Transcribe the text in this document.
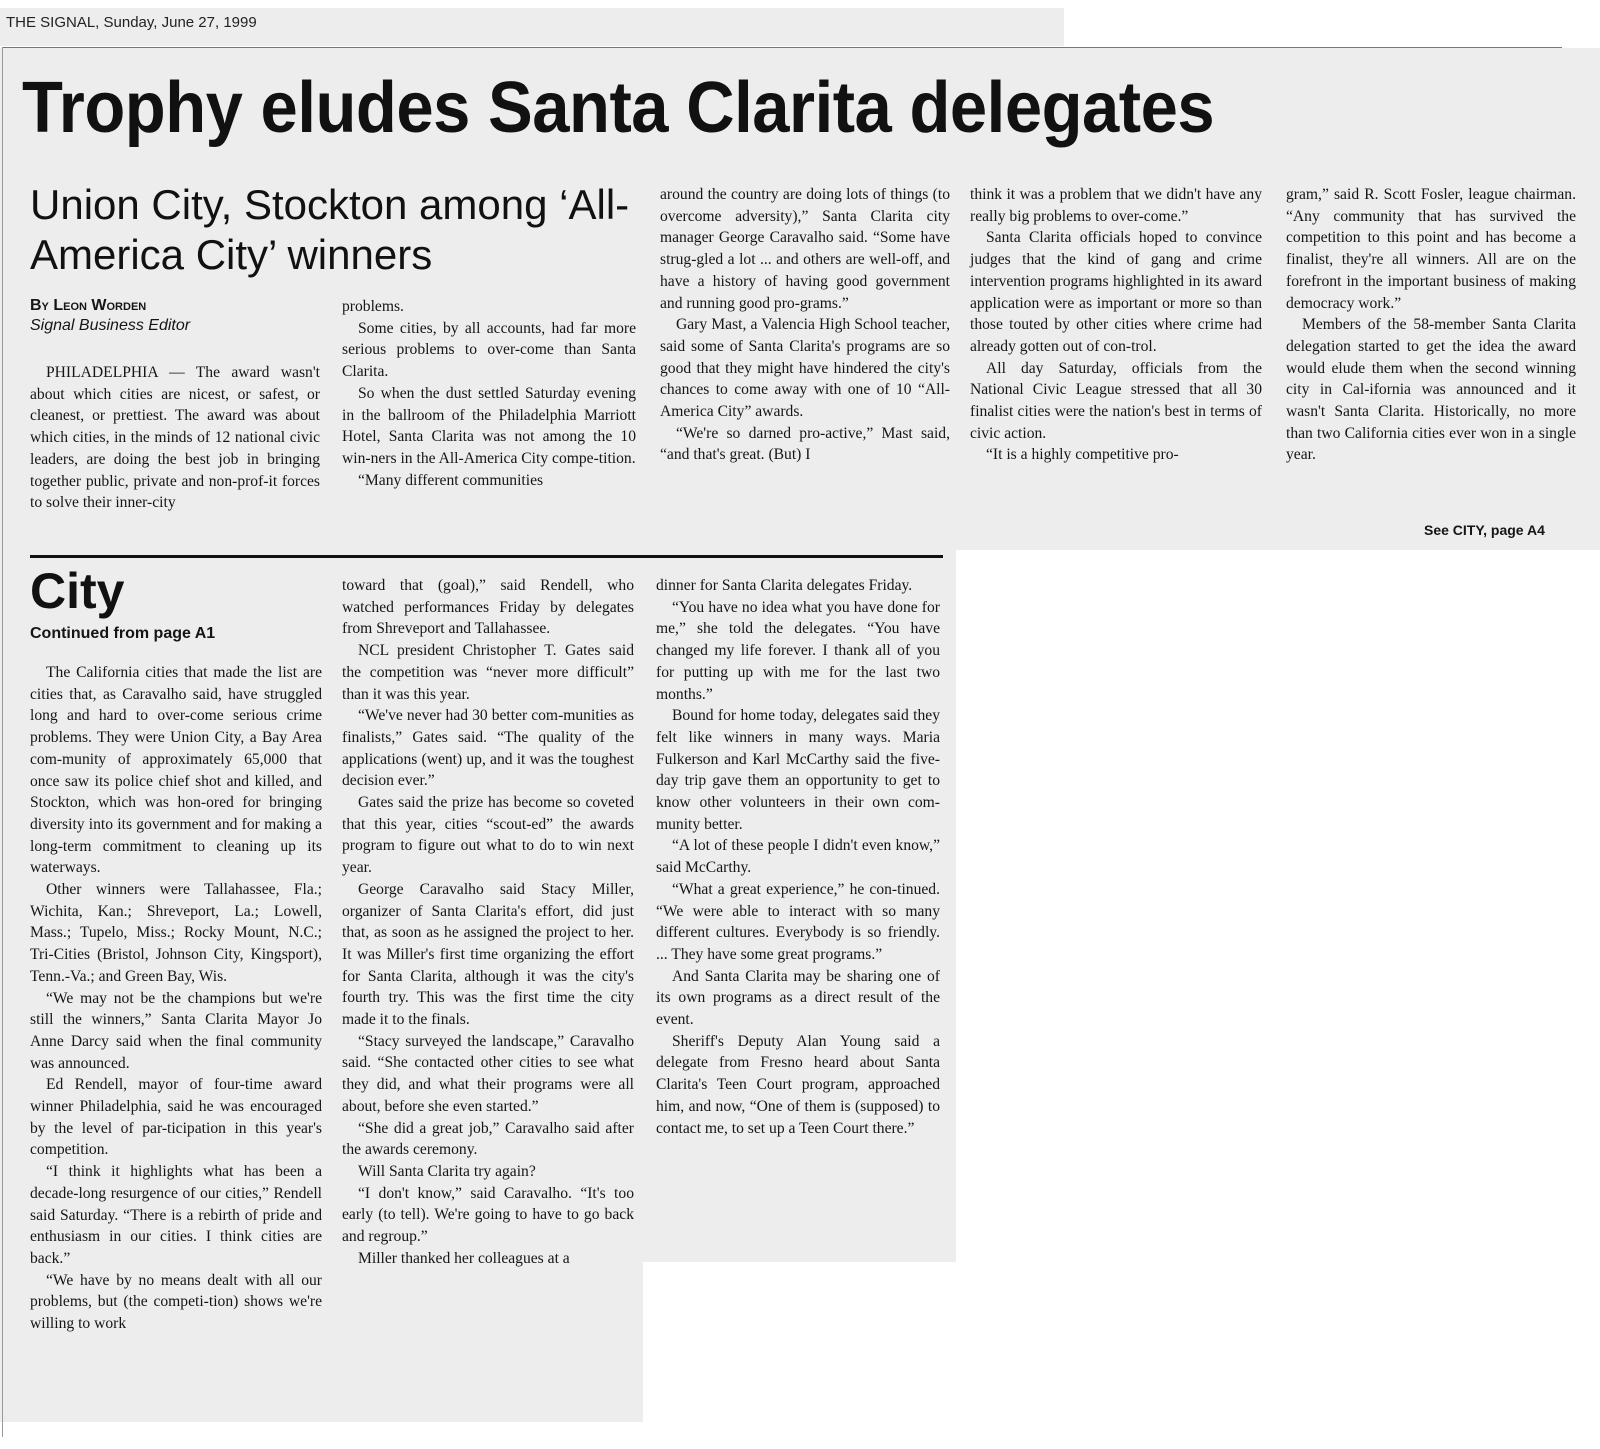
THE SIGNAL, Sunday, June 27, 1999
Trophy eludes Santa Clarita delegates
Union City, Stockton among ‘All-America City’ winners
By Leon Worden
Signal Business Editor

PHILADELPHIA — The award wasn't about which cities are nicest, or safest, or cleanest, or prettiest. The award was about which cities, in the minds of 12 national civic leaders, are doing the best job in bringing together public, private and non-prof-it forces to solve their inner-city

problems.

Some cities, by all accounts, had far more serious problems to over-come than Santa Clarita.

So when the dust settled Saturday evening in the ballroom of the Philadelphia Marriott Hotel, Santa Clarita was not among the 10 win-ners in the All-America City compe-tition.

“Many different communities

around the country are doing lots of things (to overcome adversity),” Santa Clarita city manager George Caravalho said. “Some have strug-gled a lot ... and others are well-off, and have a history of having good government and running good pro-grams.”

Gary Mast, a Valencia High School teacher, said some of Santa Clarita's programs are so good that they might have hindered the city's chances to come away with one of 10 “All-America City” awards.

“We're so darned pro-active,” Mast said, “and that's great. (But) I

think it was a problem that we didn't have any really big problems to over-come.”

Santa Clarita officials hoped to convince judges that the kind of gang and crime intervention programs highlighted in its award application were as important or more so than those touted by other cities where crime had already gotten out of con-trol.

All day Saturday, officials from the National Civic League stressed that all 30 finalist cities were the nation's best in terms of civic action.

“It is a highly competitive pro-

gram,” said R. Scott Fosler, league chairman. “Any community that has survived the competition to this point and has become a finalist, they're all winners. All are on the forefront in the important business of making democracy work.”

Members of the 58-member Santa Clarita delegation started to get the idea the award would elude them when the second winning city in Cal-ifornia was announced and it wasn't Santa Clarita. Historically, no more than two California cities ever won in a single year.

See CITY, page A4
City
Continued from page A1

The California cities that made the list are cities that, as Caravalho said, have struggled long and hard to over-come serious crime problems. They were Union City, a Bay Area com-munity of approximately 65,000 that once saw its police chief shot and killed, and Stockton, which was hon-ored for bringing diversity into its government and for making a long-term commitment to cleaning up its waterways.

Other winners were Tallahassee, Fla.; Wichita, Kan.; Shreveport, La.; Lowell, Mass.; Tupelo, Miss.; Rocky Mount, N.C.; Tri-Cities (Bristol, Johnson City, Kingsport), Tenn.-Va.; and Green Bay, Wis.

“We may not be the champions but we're still the winners,” Santa Clarita Mayor Jo Anne Darcy said when the final community was announced.

Ed Rendell, mayor of four-time award winner Philadelphia, said he was encouraged by the level of par-ticipation in this year's competition.

“I think it highlights what has been a decade-long resurgence of our cities,” Rendell said Saturday. “There is a rebirth of pride and enthusiasm in our cities. I think cities are back.”

“We have by no means dealt with all our problems, but (the competi-tion) shows we're willing to work

toward that (goal),” said Rendell, who watched performances Friday by delegates from Shreveport and Tallahassee.

NCL president Christopher T. Gates said the competition was “never more difficult” than it was this year.

“We've never had 30 better com-munities as finalists,” Gates said. “The quality of the applications (went) up, and it was the toughest decision ever.”

Gates said the prize has become so coveted that this year, cities “scout-ed” the awards program to figure out what to do to win next year.

George Caravalho said Stacy Miller, organizer of Santa Clarita's effort, did just that, as soon as he assigned the project to her. It was Miller's first time organizing the effort for Santa Clarita, although it was the city's fourth try. This was the first time the city made it to the finals.

“Stacy surveyed the landscape,” Caravalho said. “She contacted other cities to see what they did, and what their programs were all about, before she even started.”

“She did a great job,” Caravalho said after the awards ceremony.

Will Santa Clarita try again?

“I don't know,” said Caravalho. “It's too early (to tell). We're going to have to go back and regroup.”

Miller thanked her colleagues at a

dinner for Santa Clarita delegates Friday.

“You have no idea what you have done for me,” she told the delegates. “You have changed my life forever. I thank all of you for putting up with me for the last two months.”

Bound for home today, delegates said they felt like winners in many ways. Maria Fulkerson and Karl McCarthy said the five-day trip gave them an opportunity to get to know other volunteers in their own com-munity better.

“A lot of these people I didn't even know,” said McCarthy.

“What a great experience,” he con-tinued. “We were able to interact with so many different cultures. Everybody is so friendly. ... They have some great programs.”

And Santa Clarita may be sharing one of its own programs as a direct result of the event.

Sheriff's Deputy Alan Young said a delegate from Fresno heard about Santa Clarita's Teen Court program, approached him, and now, “One of them is (supposed) to contact me, to set up a Teen Court there.”
